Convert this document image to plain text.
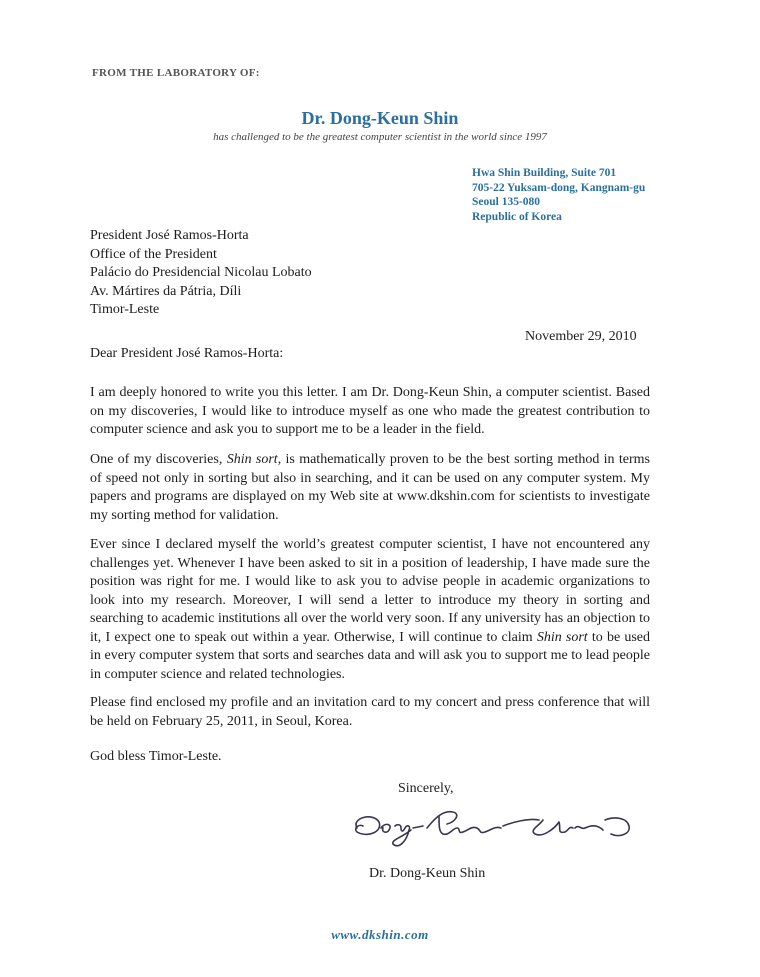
FROM THE LABORATORY OF:
Dr. Dong-Keun Shin
has challenged to be the greatest computer scientist in the world since 1997
Hwa Shin Building, Suite 701
705-22 Yuksam-dong, Kangnam-gu
Seoul 135-080
Republic of Korea
President José Ramos-Horta
Office of the President
Palácio do Presidencial Nicolau Lobato
Av. Mártires da Pátria, Díli
Timor-Leste
November 29, 2010
Dear President José Ramos-Horta:
I am deeply honored to write you this letter. I am Dr. Dong-Keun Shin, a computer scientist. Based on my discoveries, I would like to introduce myself as one who made the greatest contribution to computer science and ask you to support me to be a leader in the field.
One of my discoveries, Shin sort, is mathematically proven to be the best sorting method in terms of speed not only in sorting but also in searching, and it can be used on any computer system. My papers and programs are displayed on my Web site at www.dkshin.com for scientists to investigate my sorting method for validation.
Ever since I declared myself the world’s greatest computer scientist, I have not encountered any challenges yet. Whenever I have been asked to sit in a position of leadership, I have made sure the position was right for me. I would like to ask you to advise people in academic organizations to look into my research. Moreover, I will send a letter to introduce my theory in sorting and searching to academic institutions all over the world very soon. If any university has an objection to it, I expect one to speak out within a year. Otherwise, I will continue to claim Shin sort to be used in every computer system that sorts and searches data and will ask you to support me to lead people in computer science and related technologies.
Please find enclosed my profile and an invitation card to my concert and press conference that will be held on February 25, 2011, in Seoul, Korea.
God bless Timor-Leste.
Sincerely,
Dr. Dong-Keun Shin
www.dkshin.com
